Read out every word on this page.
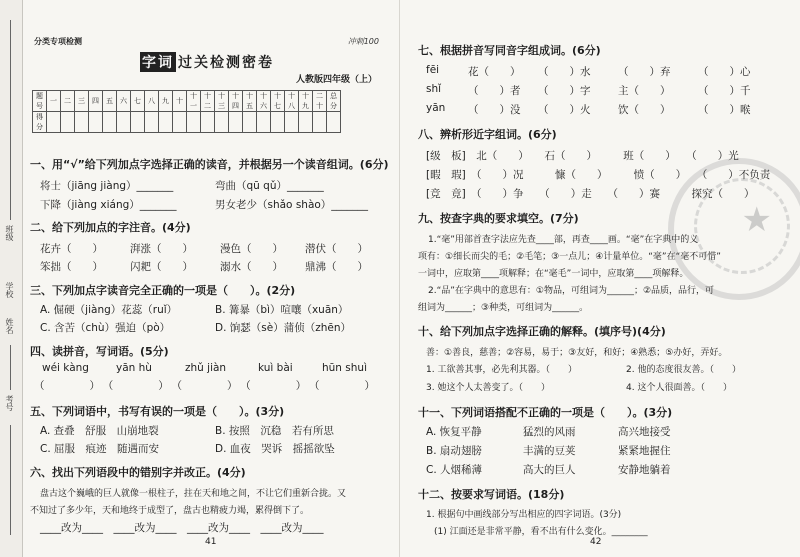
班级
学校
姓名
考号
分类专项检测	冲刺100
字词 过关检测密卷
人教版四年级（上）
题号	一	二	三	四	五	六	七	八	九	十	十一	十二	十三	十四	十五	十六	十七	十八	十九	二十	总分
得分																					
一、用“√”给下列加点字选择正确的读音，并根据另一个读音组词。(6分)
将士（jiāng jiàng）_______	弯曲（qū qǔ）_______
下降（jiàng xiáng）_______	男女老少（shǎo shào）_______
二、给下列加点的字注音。(4分)
花卉（　　）	湃涨（　　）	漫色（　　）	潜伏（　　）
笨拙（　　）	闪耙（　　）	溺水（　　）	鼎沸（　　）
三、下列加点字读音完全正确的一项是（　　）。(2分)
A. 倔硬（jiàng）花蕊（ruǐ）	B. 篝暴（bì）喧嚷（xuān）
C. 含苦（chù）强迫（pò）	D. 饷瑟（sè）蒲侦（zhēn）
四、读拼音，写词语。(5分)
wéi kàng	yān hù	zhǔ jiàn	kuì bài	hūn shuì
（　　）（　　）（　　）（　　）（　　）
五、下列词语中，书写有误的一项是（　　）。(3分)
A. 查叠　舒服　山崩地裂	B. 按照　沉稳　若有所思
C. 屈服　痕迹　随遇而安	D. 血夜　哭诉　摇摇欲坠
六、找出下列语段中的错别字并改正。(4分)
盘古这个巍峨的巨人就像一根柱子，拄在天和地之间，不让它们重新合拢。又
不知过了多少年，天和地终于成型了，盘古也精疲力竭，累得倒下了。
____改为____　____改为____　____改为____　____改为____
41
★
七、根据拼音写同音字组成词。(6分)
fēi	花（　　）	（　　）水	（　　）弃	（　　）心
shǐ	（　　）者	（　　）字	主（　　）	（　　）千
yān	（　　）没	（　　）火	饮（　　）	（　　）喉
八、辨析形近字组词。(6分)
[级　板]　北（　　）　　石（　　）　　　班（　　）　　（　　）光
[暇　瑕]　（　　）况　　　慷（　　）　　　愤（　　）　　（　　）不负责
[竞　竟]　（　　）争　　（　　）走　　（　　）赛　　　探究（　　）
九、按查字典的要求填空。(7分)
1.“毫”用部首查字法应先查____部，再查____画。“毫”在字典中的义
项有：①细长而尖的毛；②毛笔；③一点儿；④计量单位。“毫”在“毫不可惜”
一词中，应取第____项解释；在“毫毛”一词中，应取第____项解释。
2.“品”在字典中的意思有：①物品，可组词为______；②品质，品行，可
组词为______；③种类，可组词为______。
十、给下列加点字选择正确的解释。(填序号)(4分)
善：①善良，慈善；②容易，易于；③友好，和好；④熟悉；⑤办好，弄好。
1. 工欲善其事，必先利其器。（　　）	2. 他的态度很友善。（　　）
3. 她这个人太善变了。（　　）	4. 这个人很面善。（　　）
十一、下列词语搭配不正确的一项是（　　）。(3分)
A. 恢复平静	猛烈的风雨	高兴地接受
B. 扇动翅膀	丰满的豆荚	紧紧地握住
C. 人烟稀薄	高大的巨人	安静地躺着
十二、按要求写词语。(18分)
1. 根据句中画线部分写出相应的四字词语。(3分)
(1) 江面还是非常平静，看不出有什么变化。________
42
